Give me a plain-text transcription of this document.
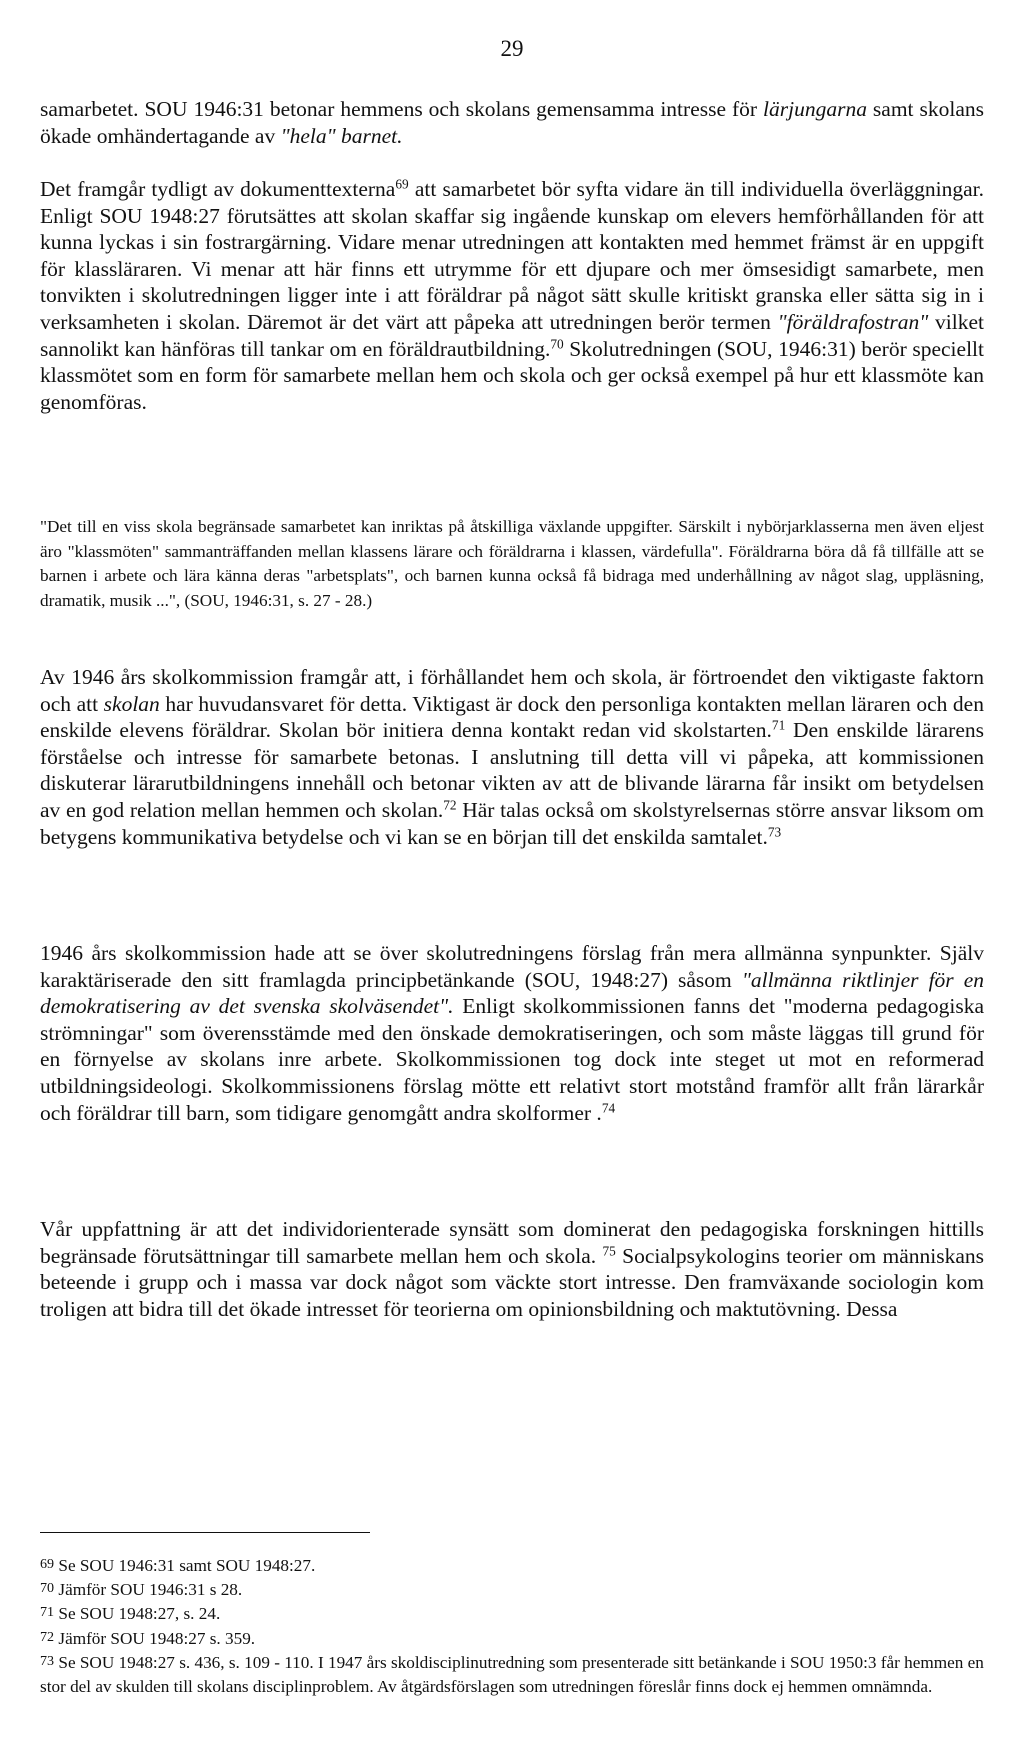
29

samarbetet. SOU 1946:31 betonar hemmens och skolans gemensamma intresse för lärjungarna samt skolans ökade omhändertagande av "hela" barnet.

Det framgår tydligt av dokumenttexterna$^{69}$ att samarbetet bör syfta vidare än till individuella överläggningar. Enligt SOU 1948:27 förutsättes att skolan skaffar sig ingående kunskap om elevers hemförhållanden för att kunna lyckas i sin fostrargärning. Vidare menar utredningen att kontakten med hemmet främst är en uppgift för klassläraren. Vi menar att här finns ett utrymme för ett djupare och mer ömsesidigt samarbete, men tonvikten i skolutredningen ligger inte i att föräldrar på något sätt skulle kritiskt granska eller sätta sig in i verksamheten i skolan. Däremot är det värt att påpeka att utredningen berör termen "föräldrafostran" vilket sannolikt kan hänföras till tankar om en föräldrautbildning.$^{70}$ Skolutredningen (SOU, 1946:31) berör speciellt klassmötet som en form för samarbete mellan hem och skola och ger också exempel på hur ett klassmöte kan genomföras.

"Det till en viss skola begränsade samarbetet kan inriktas på åtskilliga växlande uppgifter. Särskilt i nybörjarklasserna men även eljest äro "klassmöten" sammanträffanden mellan klassens lärare och föräldrarna i klassen, värdefulla". Föräldrarna böra då få tillfälle att se barnen i arbete och lära känna deras "arbetsplats", och barnen kunna också få bidraga med underhållning av något slag, uppläsning, dramatik, musik ...", (SOU, 1946:31, s. 27 - 28.)

Av 1946 års skolkommission framgår att, i förhållandet hem och skola, är förtroendet den viktigaste faktorn och att skolan har huvudansvaret för detta. Viktigast är dock den personliga kontakten mellan läraren och den enskilde elevens föräldrar. Skolan bör initiera denna kontakt redan vid skolstarten.$^{71}$ Den enskilde lärarens förståelse och intresse för samarbete betonas. I anslutning till detta vill vi påpeka, att kommissionen diskuterar lärarutbildningens innehåll och betonar vikten av att de blivande lärarna får insikt om betydelsen av en god relation mellan hemmen och skolan.$^{72}$ Här talas också om skolstyrelsernas större ansvar liksom om betygens kommunikativa betydelse och vi kan se en början till det enskilda samtalet.$^{73}$

1946 års skolkommission hade att se över skolutredningens förslag från mera allmänna synpunkter. Själv karaktäriserade den sitt framlagda principbetänkande (SOU, 1948:27) såsom "allmänna riktlinjer för en demokratisering av det svenska skolväsendet". Enligt skolkommissionen fanns det "moderna pedagogiska strömningar" som överensstämde med den önskade demokratiseringen, och som måste läggas till grund för en förnyelse av skolans inre arbete. Skolkommissionen tog dock inte steget ut mot en reformerad utbildningsideologi. Skolkommissionens förslag mötte ett relativt stort motstånd framför allt från lärarkår och föräldrar till barn, som tidigare genomgått andra skolformer .$^{74}$

Vår uppfattning är att det individorienterade synsätt som dominerat den pedagogiska forskningen hittills begränsade förutsättningar till samarbete mellan hem och skola. $^{75}$ Socialpsykologins teorier om människans beteende i grupp och i massa var dock något som väckte stort intresse. Den framväxande sociologin kom troligen att bidra till det ökade intresset för teorierna om opinionsbildning och maktutövning. Dessa

$^{69}$ Se SOU 1946:31 samt SOU 1948:27.

$^{70}$ Jämför SOU 1946:31 s 28.

$^{71}$ Se SOU 1948:27, s. 24.

$^{72}$ Jämför SOU 1948:27 s. 359.

$^{73}$ Se SOU 1948:27 s. 436, s. 109 - 110. I 1947 års skoldisciplinutredning som presenterade sitt betänkande i SOU 1950:3 får hemmen en stor del av skulden till skolans disciplinproblem. Av åtgärdsförslagen som utredningen föreslår finns dock ej hemmen omnämnda.
